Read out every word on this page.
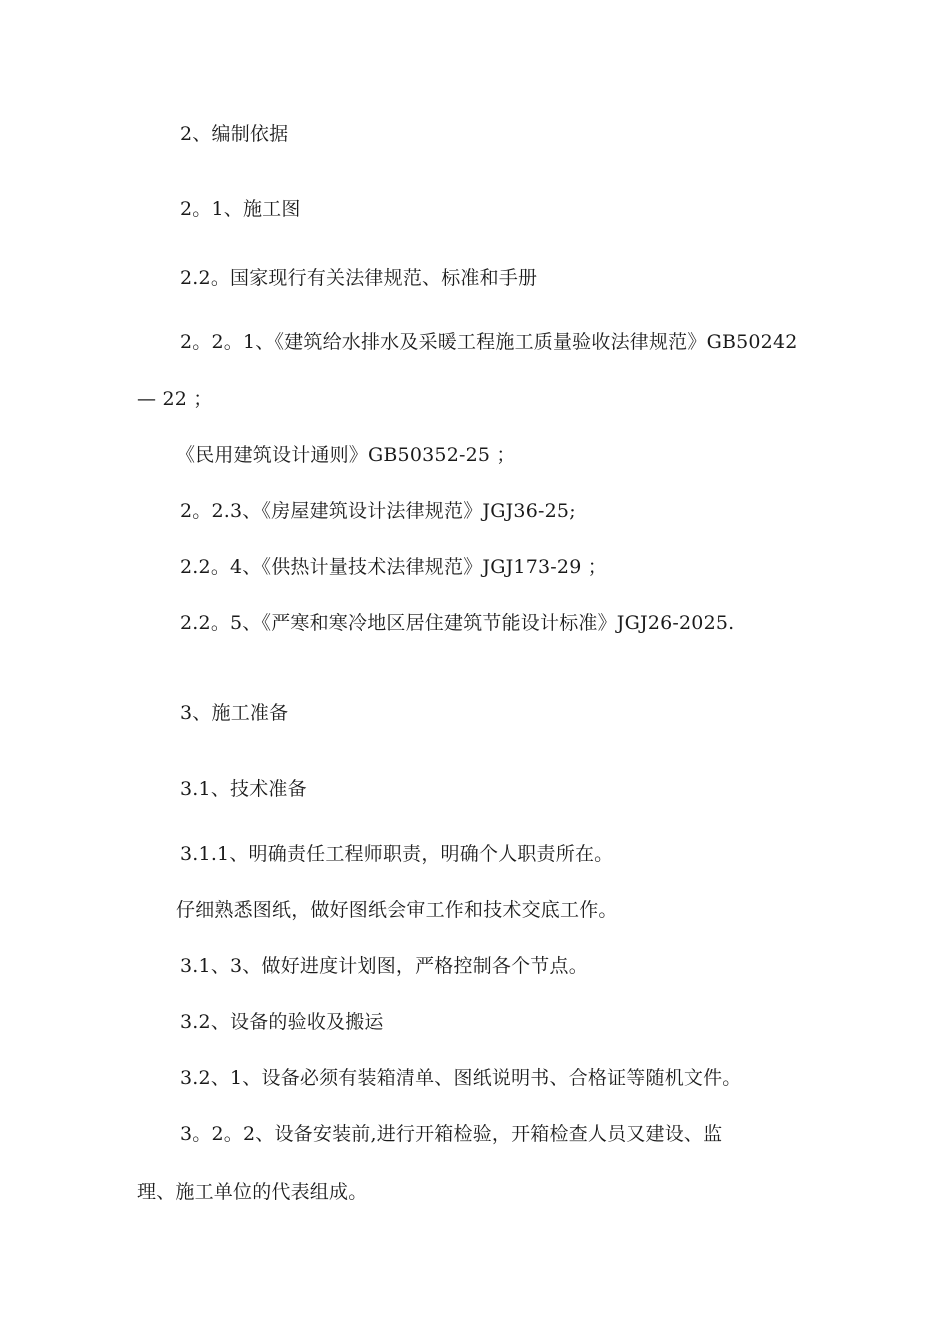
2、编制依据
2。1、施工图
2.2。国家现行有关法律规范、标准和手册
2。2。1、《建筑给水排水及采暖工程施工质量验收法律规范》GB50242
— 22 ；
《民用建筑设计通则》GB50352-25 ；
2。2.3、《房屋建筑设计法律规范》JGJ36-25;
2.2。4、《供热计量技术法律规范》JGJ173-29 ；
2.2。5、《严寒和寒冷地区居住建筑节能设计标准》JGJ26-2025.
3、施工准备
3.1、技术准备
3.1.1、明确责任工程师职责，明确个人职责所在。
仔细熟悉图纸，做好图纸会审工作和技术交底工作。
3.1、3、做好进度计划图，严格控制各个节点。
3.2、设备的验收及搬运
3.2、1、设备必须有装箱清单、图纸说明书、合格证等随机文件。
3。2。2、设备安装前,进行开箱检验，开箱检查人员又建设、监
理、施工单位的代表组成。
